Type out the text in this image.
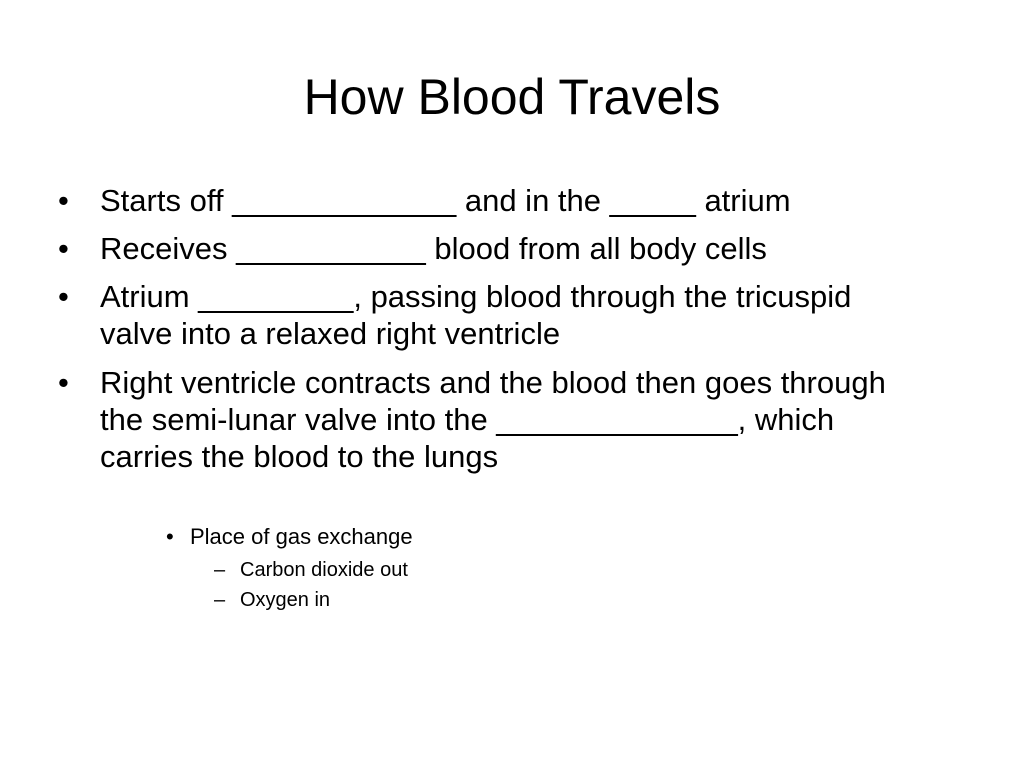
How Blood Travels
•	Starts off _____________ and in the _____ atrium
•	Receives ___________ blood from all body cells
•	Atrium _________, passing blood through the tricuspid valve into a relaxed right ventricle
•	Right ventricle contracts and the blood then goes through the semi-lunar valve into the ______________, which carries the blood to the lungs
• Place of gas exchange
– Carbon dioxide out
– Oxygen in
